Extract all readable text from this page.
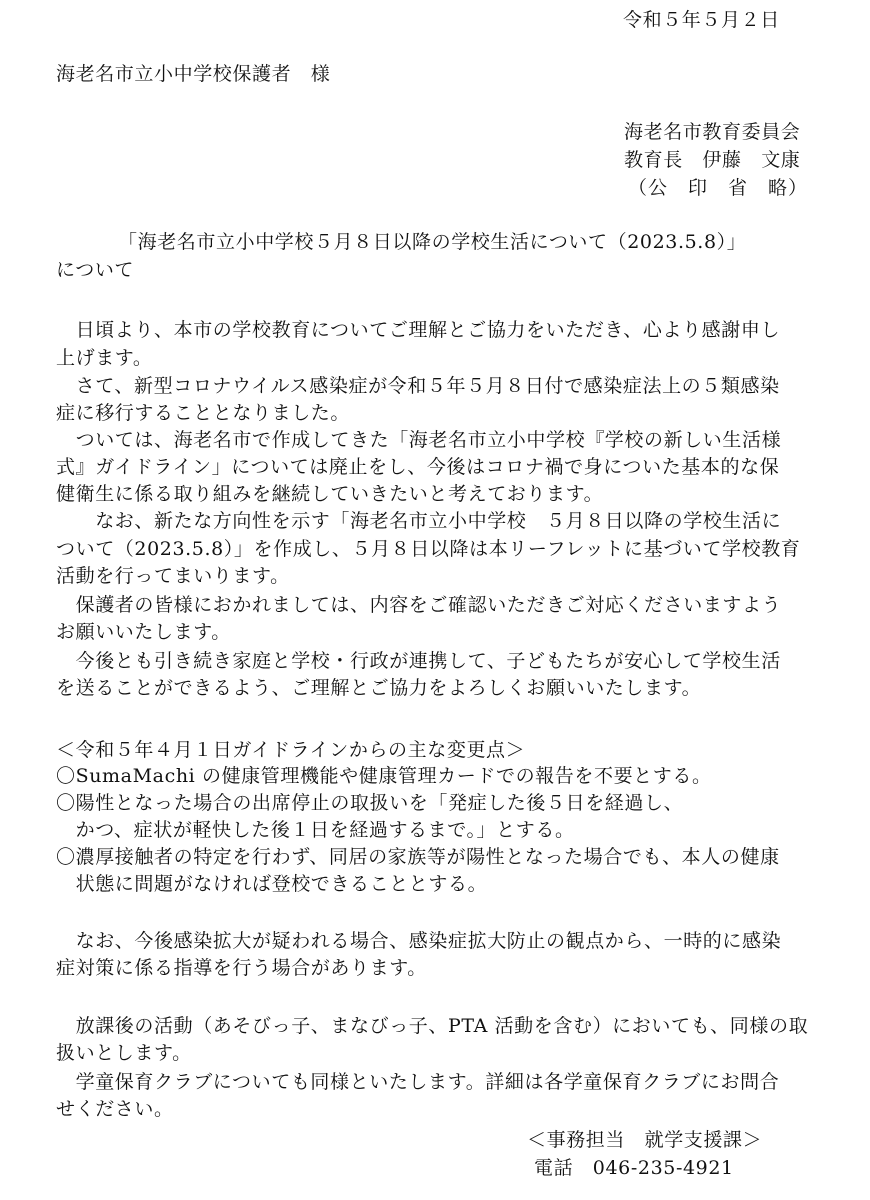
令和５年５月２日
海老名市立小中学校保護者　様
海老名市教育委員会
教育長　伊藤　文康
（公　印　省　略）
「海老名市立小中学校５月８日以降の学校生活について（2023.5.8）」
について
　日頃より、本市の学校教育についてご理解とご協力をいただき、心より感謝申し
上げます。
　さて、新型コロナウイルス感染症が令和５年５月８日付で感染症法上の５類感染
症に移行することとなりました。
　ついては、海老名市で作成してきた「海老名市立小中学校『学校の新しい生活様
式』ガイドライン」については廃止をし、今後はコロナ禍で身についた基本的な保
健衛生に係る取り組みを継続していきたいと考えております。
　　なお、新たな方向性を示す「海老名市立小中学校　５月８日以降の学校生活に
ついて（2023.5.8）」を作成し、５月８日以降は本リーフレットに基づいて学校教育
活動を行ってまいります。
　保護者の皆様におかれましては、内容をご確認いただきご対応くださいますよう
お願いいたします。
　今後とも引き続き家庭と学校・行政が連携して、子どもたちが安心して学校生活
を送ることができるよう、ご理解とご協力をよろしくお願いいたします。
＜令和５年４月１日ガイドラインからの主な変更点＞
〇SumaMachi の健康管理機能や健康管理カードでの報告を不要とする。
〇陽性となった場合の出席停止の取扱いを「発症した後５日を経過し、
　かつ、症状が軽快した後１日を経過するまで。」とする。
〇濃厚接触者の特定を行わず、同居の家族等が陽性となった場合でも、本人の健康
　状態に問題がなければ登校できることとする。
　なお、今後感染拡大が疑われる場合、感染症拡大防止の観点から、一時的に感染
症対策に係る指導を行う場合があります。
　放課後の活動（あそびっ子、まなびっ子、PTA 活動を含む）においても、同様の取
扱いとします。
　学童保育クラブについても同様といたします。詳細は各学童保育クラブにお問合
せください。
＜事務担当　就学支援課＞
電話　046-235-4921
